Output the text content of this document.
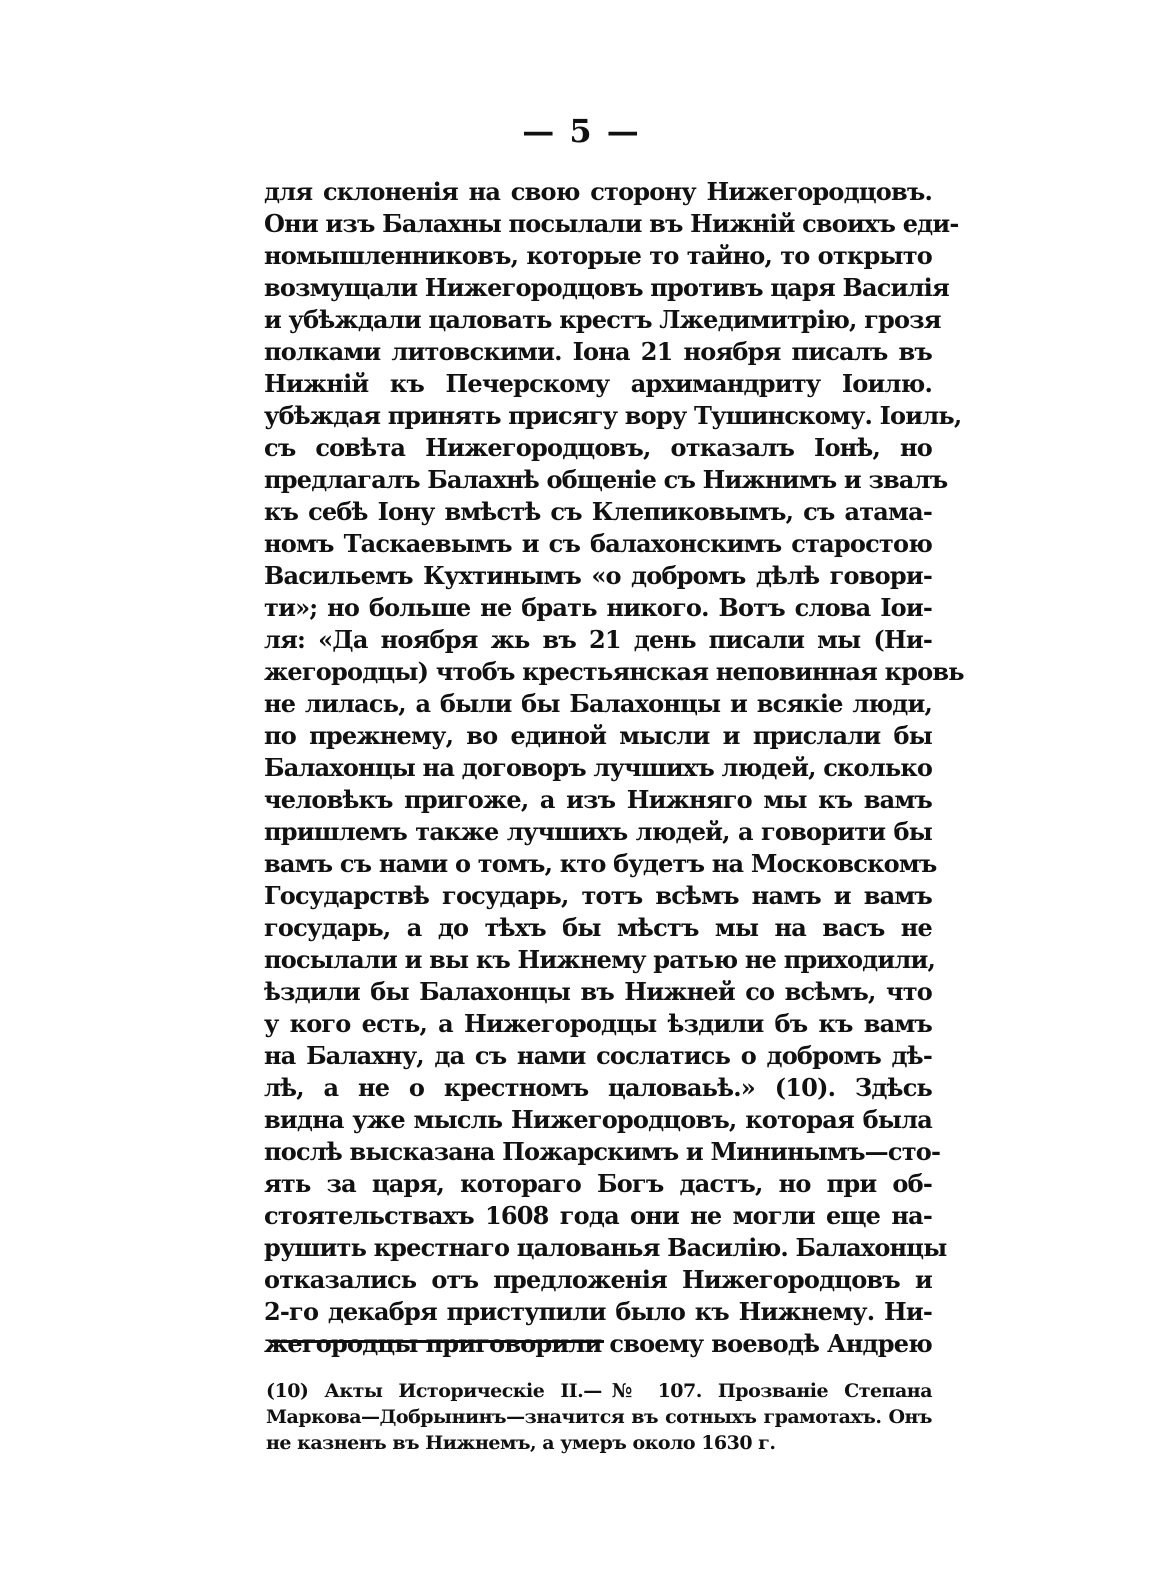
— 5 —
для склоненія на свою сторону Нижегородцовъ.
Они изъ Балахны посылали въ Нижній своихъ еди-
номышленниковъ, которые то тайно, то открыто
возмущали Нижегородцовъ противъ царя Василія
и убѣждали цаловать крестъ Лжедимитрію, грозя
полками литовскими. Іона 21 ноября писалъ въ
Нижній къ Печерскому архимандриту Іоилю.
убѣждая принять присягу вору Тушинскому. Іоиль,
съ совѣта Нижегородцовъ, отказалъ Іонѣ, но
предлагалъ Балахнѣ общеніе съ Нижнимъ и звалъ
къ себѣ Іону вмѣстѣ съ Клепиковымъ, съ атама-
номъ Таскаевымъ и съ балахонскимъ старостою
Васильемъ Кухтинымъ «о добромъ дѣлѣ говори-
ти»; но больше не брать никого. Вотъ слова Іои-
ля: «Да ноября жь въ 21 день писали мы (Ни-
жегородцы) чтобъ крестьянская неповинная кровь
не лилась, а были бы Балахонцы и всякіе люди,
по прежнему, во единой мысли и прислали бы
Балахонцы на договоръ лучшихъ людей, сколько
человѣкъ пригоже, а изъ Нижняго мы къ вамъ
пришлемъ также лучшихъ людей, а говорити бы
вамъ съ нами о томъ, кто будетъ на Московскомъ
Государствѣ государь, тотъ всѣмъ намъ и вамъ
государь, а до тѣхъ бы мѣстъ мы на васъ не
посылали и вы къ Нижнему ратью не приходили,
ѣздили бы Балахонцы въ Нижней со всѣмъ, что
у кого есть, а Нижегородцы ѣздили бъ къ вамъ
на Балахну, да съ нами сослатись о добромъ дѣ-
лѣ, а не о крестномъ цаловаьѣ.» (10). Здѣсь
видна уже мысль Нижегородцовъ, которая была
послѣ высказана Пожарскимъ и Мининымъ—сто-
ять за царя, котораго Богъ дастъ, но при об-
стоятельствахъ 1608 года они не могли еще на-
рушить крестнаго цалованья Василію. Балахонцы
отказались отъ предложенія Нижегородцовъ и
2-го декабря приступили было къ Нижнему. Ни-
жегородцы приговорили своему воеводѣ Андрею
(10) Акты Историческіе II.—№ 107. Прозваніе Степана
Маркова—Добрынинъ—значится въ сотныхъ грамотахъ. Онъ
не казненъ въ Нижнемъ, а умеръ около 1630 г.
